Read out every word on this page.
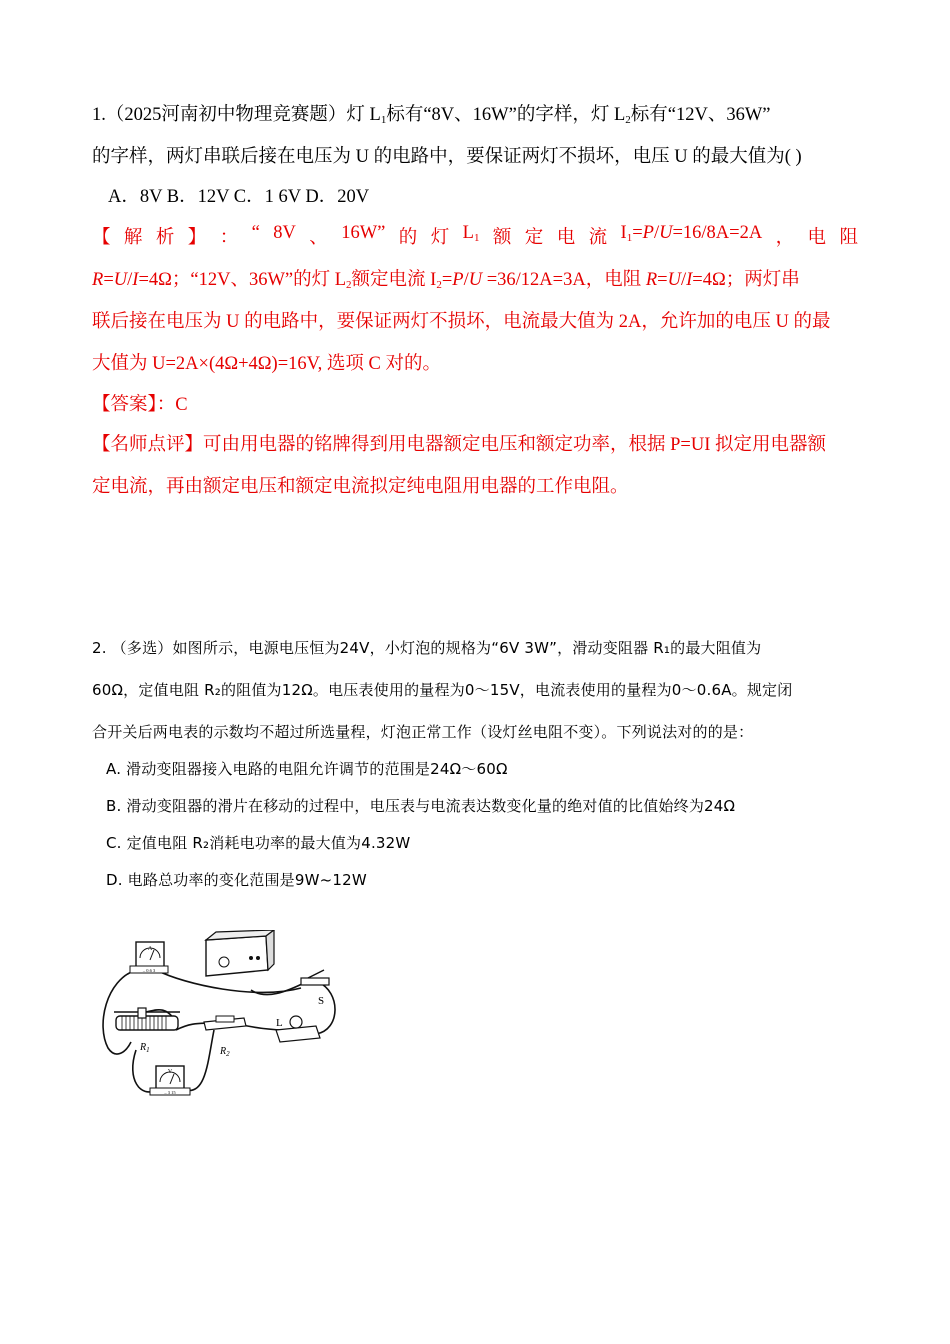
1.（2025河南初中物理竞赛题）灯 $L_1$标有“8V、16W”的字样，灯 $L_2$标有“12V、36W”
的字样，两灯串联后接在电压为 U 的电路中，要保证两灯不损坏，电压 U 的最大值为( )
A．8V B．12V C．1 6V D．20V
【 解 析 】 ： “ 8V 、 16W” 的 灯 $L_1$ 额 定 电 流 $I_1=P/U=16/8A=2A$ ， 电 阻
R=U/I=4Ω；“12V、36W”的灯 $L_2$额定电流 $I_2=P/U =36/12A=3A$，电阻 R=U/I=4Ω；两灯串
联后接在电压为 U 的电路中，要保证两灯不损坏，电流最大值为 2A，允许加的电压 U 的最
大值为 U=2A×(4Ω+4Ω)=16V, 选项 C 对的。
【答案】：C
【名师点评】可由用电器的铭牌得到用电器额定电压和额定功率，根据 P=UI 拟定用电器额
定电流，再由额定电压和额定电流拟定纯电阻用电器的工作电阻。
2. （多选）如图所示，电源电压恒为24V，小灯泡的规格为“6V 3W”，滑动变阻器 R₁的最大阻值为
60Ω，定值电阻 R₂的阻值为12Ω。电压表使用的量程为0～15V，电流表使用的量程为0～0.6A。规定闭
合开关后两电表的示数均不超过所选量程，灯泡正常工作（设灯丝电阻不变）。下列说法对的的是：
A. 滑动变阻器接入电路的电阻允许调节的范围是24Ω～60Ω
B. 滑动变阻器的滑片在移动的过程中，电压表与电流表达数变化量的绝对值的比值始终为24Ω
C. 定值电阻 R₂消耗电功率的最大值为4.32W
D. 电路总功率的变化范围是9W~12W
A
– 0.6 3
S
$R_1$	$R_2$
L
V
– 3 15
